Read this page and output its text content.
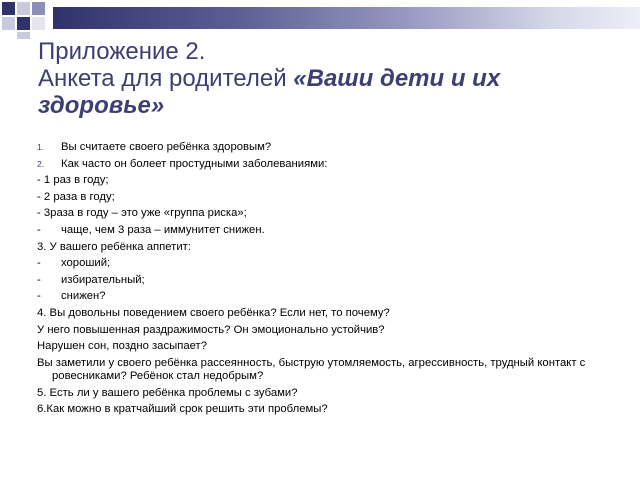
Приложение 2.
Анкета для родителей «Ваши дети и их здоровье»
1.	Вы считаете своего ребёнка здоровым?
2.	Как часто он болеет простудными заболеваниями:
- 1 раз в году;
- 2 раза в году;
- 3раза в году – это уже «группа риска»;
-	чаще, чем 3 раза – иммунитет снижен.
3. У вашего ребёнка аппетит:
-	хороший;
-	избирательный;
-	снижен?
4. Вы довольны поведением своего ребёнка? Если нет, то почему?
У него повышенная раздражимость? Он эмоционально устойчив?
Нарушен сон, поздно засыпает?
Вы заметили у своего ребёнка рассеянность, быструю утомляемость, агрессивность, трудный контакт с ровесниками? Ребёнок стал недобрым?
5. Есть ли у вашего ребёнка проблемы с зубами?
6.Как можно в кратчайший срок решить эти проблемы?
